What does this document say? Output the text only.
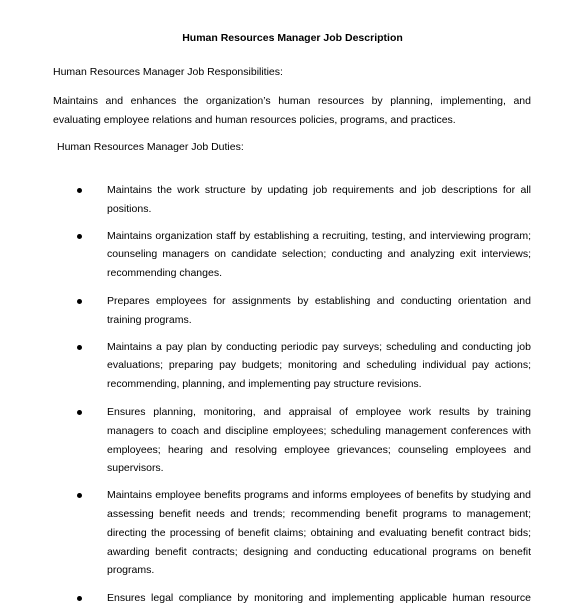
Human Resources Manager Job Description
Human Resources Manager Job Responsibilities:
Maintains and enhances the organization’s human resources by planning, implementing, and evaluating employee relations and human resources policies, programs, and practices.
Human Resources Manager Job Duties:
Maintains the work structure by updating job requirements and job descriptions for all positions.
Maintains organization staff by establishing a recruiting, testing, and interviewing program; counseling managers on candidate selection; conducting and analyzing exit interviews; recommending changes.
Prepares employees for assignments by establishing and conducting orientation and training programs.
Maintains a pay plan by conducting periodic pay surveys; scheduling and conducting job evaluations; preparing pay budgets; monitoring and scheduling individual pay actions; recommending, planning, and implementing pay structure revisions.
Ensures planning, monitoring, and appraisal of employee work results by training managers to coach and discipline employees; scheduling management conferences with employees; hearing and resolving employee grievances; counseling employees and supervisors.
Maintains employee benefits programs and informs employees of benefits by studying and assessing benefit needs and trends; recommending benefit programs to management; directing the processing of benefit claims; obtaining and evaluating benefit contract bids; awarding benefit contracts; designing and conducting educational programs on benefit programs.
Ensures legal compliance by monitoring and implementing applicable human resource
